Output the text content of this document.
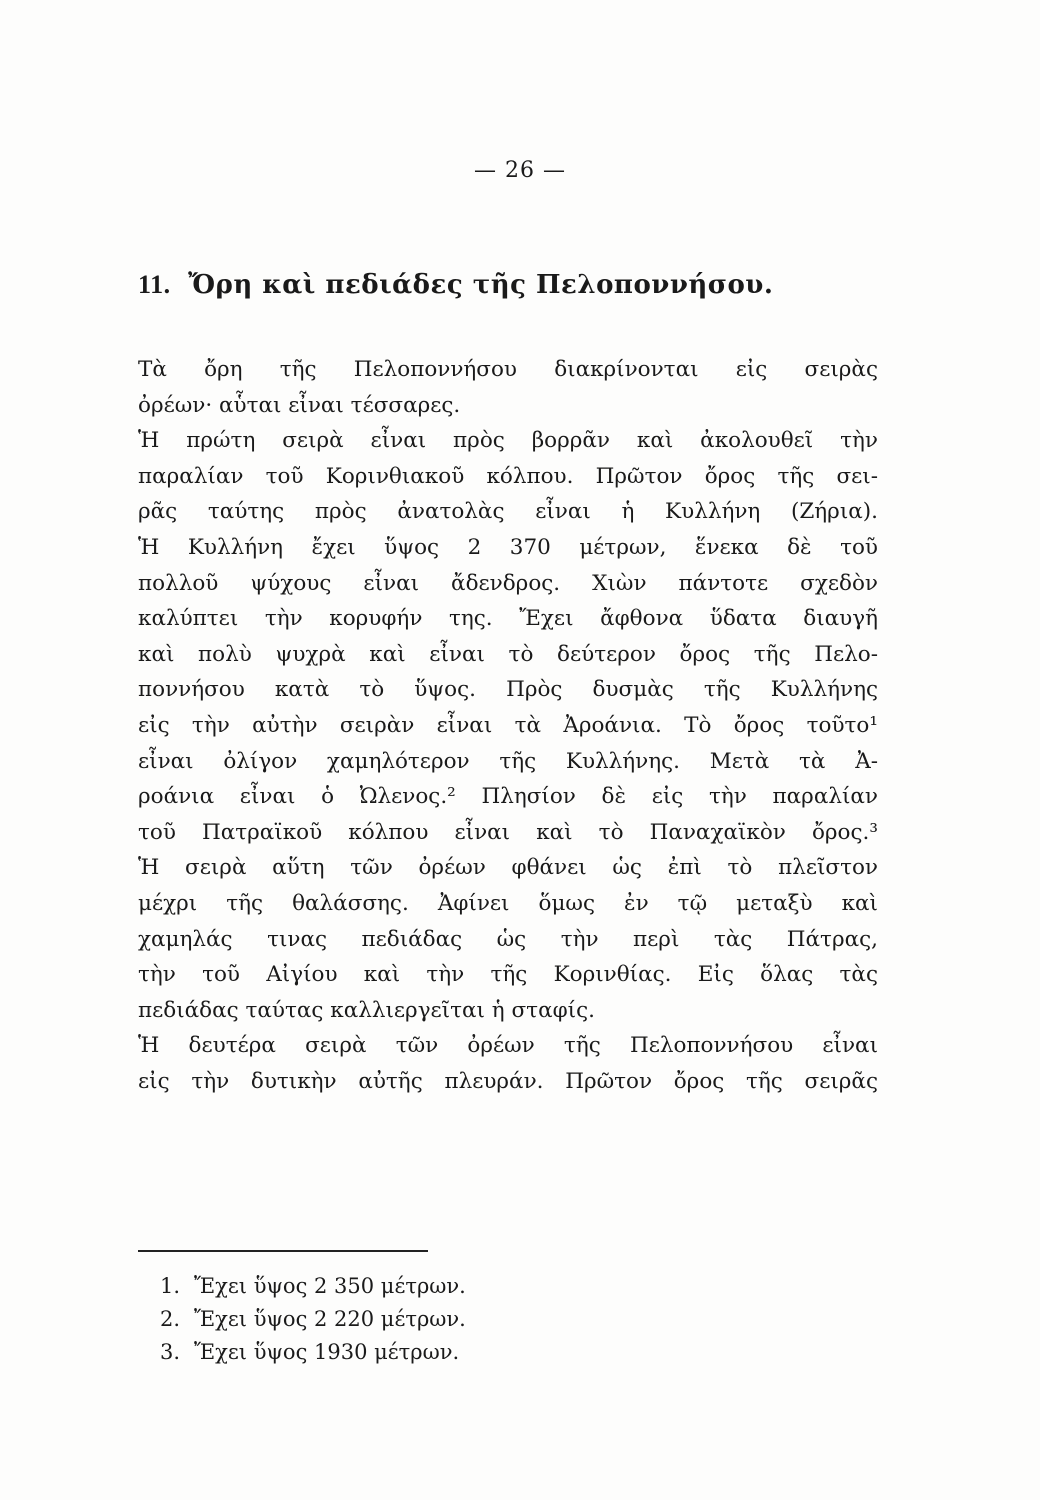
— 26 —
11. Ὄρη καὶ πεδιάδες τῆς Πελοποννήσου.
Τὰ ὄρη τῆς Πελοποννήσου διακρίνονται εἰς σειρὰς
ὀρέων· αὗται εἶναι τέσσαρες.
Ἡ πρώτη σειρὰ εἶναι πρὸς βορρᾶν καὶ ἀκολουθεῖ τὴν
παραλίαν τοῦ Κορινθιακοῦ κόλπου. Πρῶτον ὄρος τῆς σει-
ρᾶς ταύτης πρὸς ἀνατολὰς εἶναι ἡ Κυλλήνη (Ζήρια).
Ἡ Κυλλήνη ἔχει ὕψος 2 370 μέτρων, ἕνεκα δὲ τοῦ
πολλοῦ ψύχους εἶναι ἄδενδρος. Χιὼν πάντοτε σχεδὸν
καλύπτει τὴν κορυφήν της. Ἔχει ἄφθονα ὕδατα διαυγῆ
καὶ πολὺ ψυχρὰ καὶ εἶναι τὸ δεύτερον ὄρος τῆς Πελο-
ποννήσου κατὰ τὸ ὕψος. Πρὸς δυσμὰς τῆς Κυλλήνης
εἰς τὴν αὐτὴν σειρὰν εἶναι τὰ Ἀροάνια. Τὸ ὄρος τοῦτο¹
εἶναι ὀλίγον χαμηλότερον τῆς Κυλλήνης. Μετὰ τὰ Ἀ-
ροάνια εἶναι ὁ Ὠλενος.² Πλησίον δὲ εἰς τὴν παραλίαν
τοῦ Πατραϊκοῦ κόλπου εἶναι καὶ τὸ Παναχαϊκὸν ὄρος.³
Ἡ σειρὰ αὕτη τῶν ὀρέων φθάνει ὡς ἐπὶ τὸ πλεῖστον
μέχρι τῆς θαλάσσης. Ἀφίνει ὅμως ἐν τῷ μεταξὺ καὶ
χαμηλάς τινας πεδιάδας ὡς τὴν περὶ τὰς Πάτρας,
τὴν τοῦ Αἰγίου καὶ τὴν τῆς Κορινθίας. Εἰς ὅλας τὰς
πεδιάδας ταύτας καλλιεργεῖται ἡ σταφίς.
Ἡ δευτέρα σειρὰ τῶν ὀρέων τῆς Πελοποννήσου εἶναι
εἰς τὴν δυτικὴν αὐτῆς πλευράν. Πρῶτον ὄρος τῆς σειρᾶς
1. Ἔχει ὕψος 2 350 μέτρων.
2. Ἔχει ὕψος 2 220 μέτρων.
3. Ἔχει ὕψος 1930 μέτρων.
